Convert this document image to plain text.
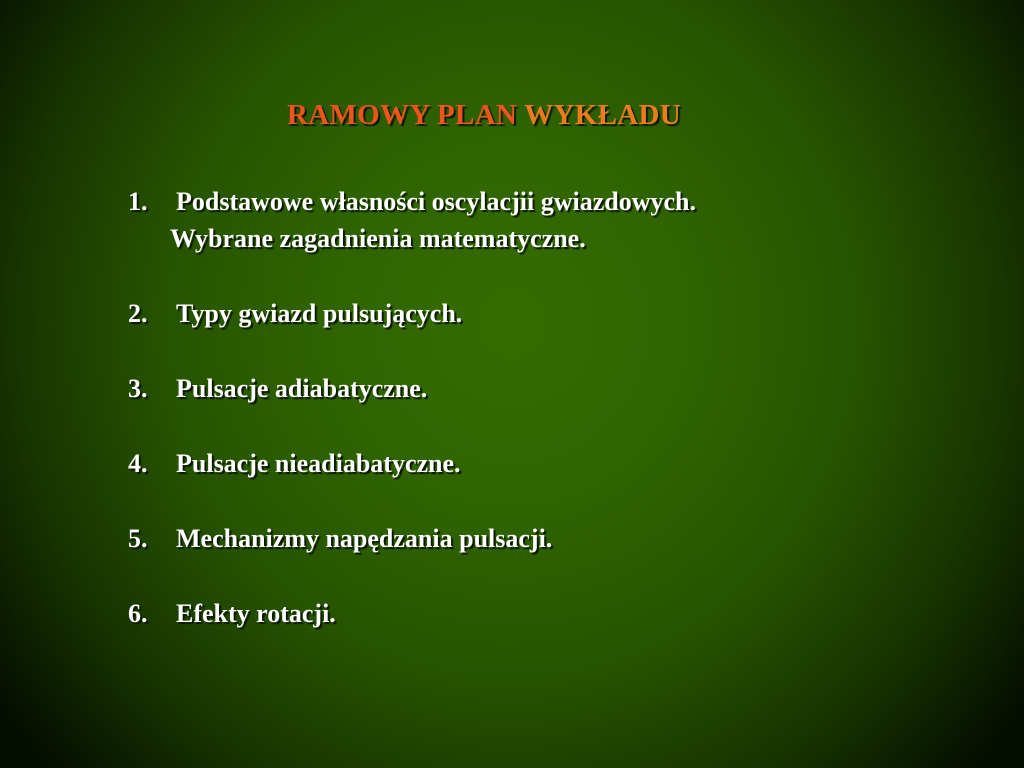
RAMOWY PLAN WYKŁADU
1. Podstawowe własności oscylacjii gwiazdowych.
Wybrane zagadnienia matematyczne.
2. Typy gwiazd pulsujących.
3. Pulsacje adiabatyczne.
4. Pulsacje nieadiabatyczne.
5. Mechanizmy napędzania pulsacji.
6. Efekty rotacji.
